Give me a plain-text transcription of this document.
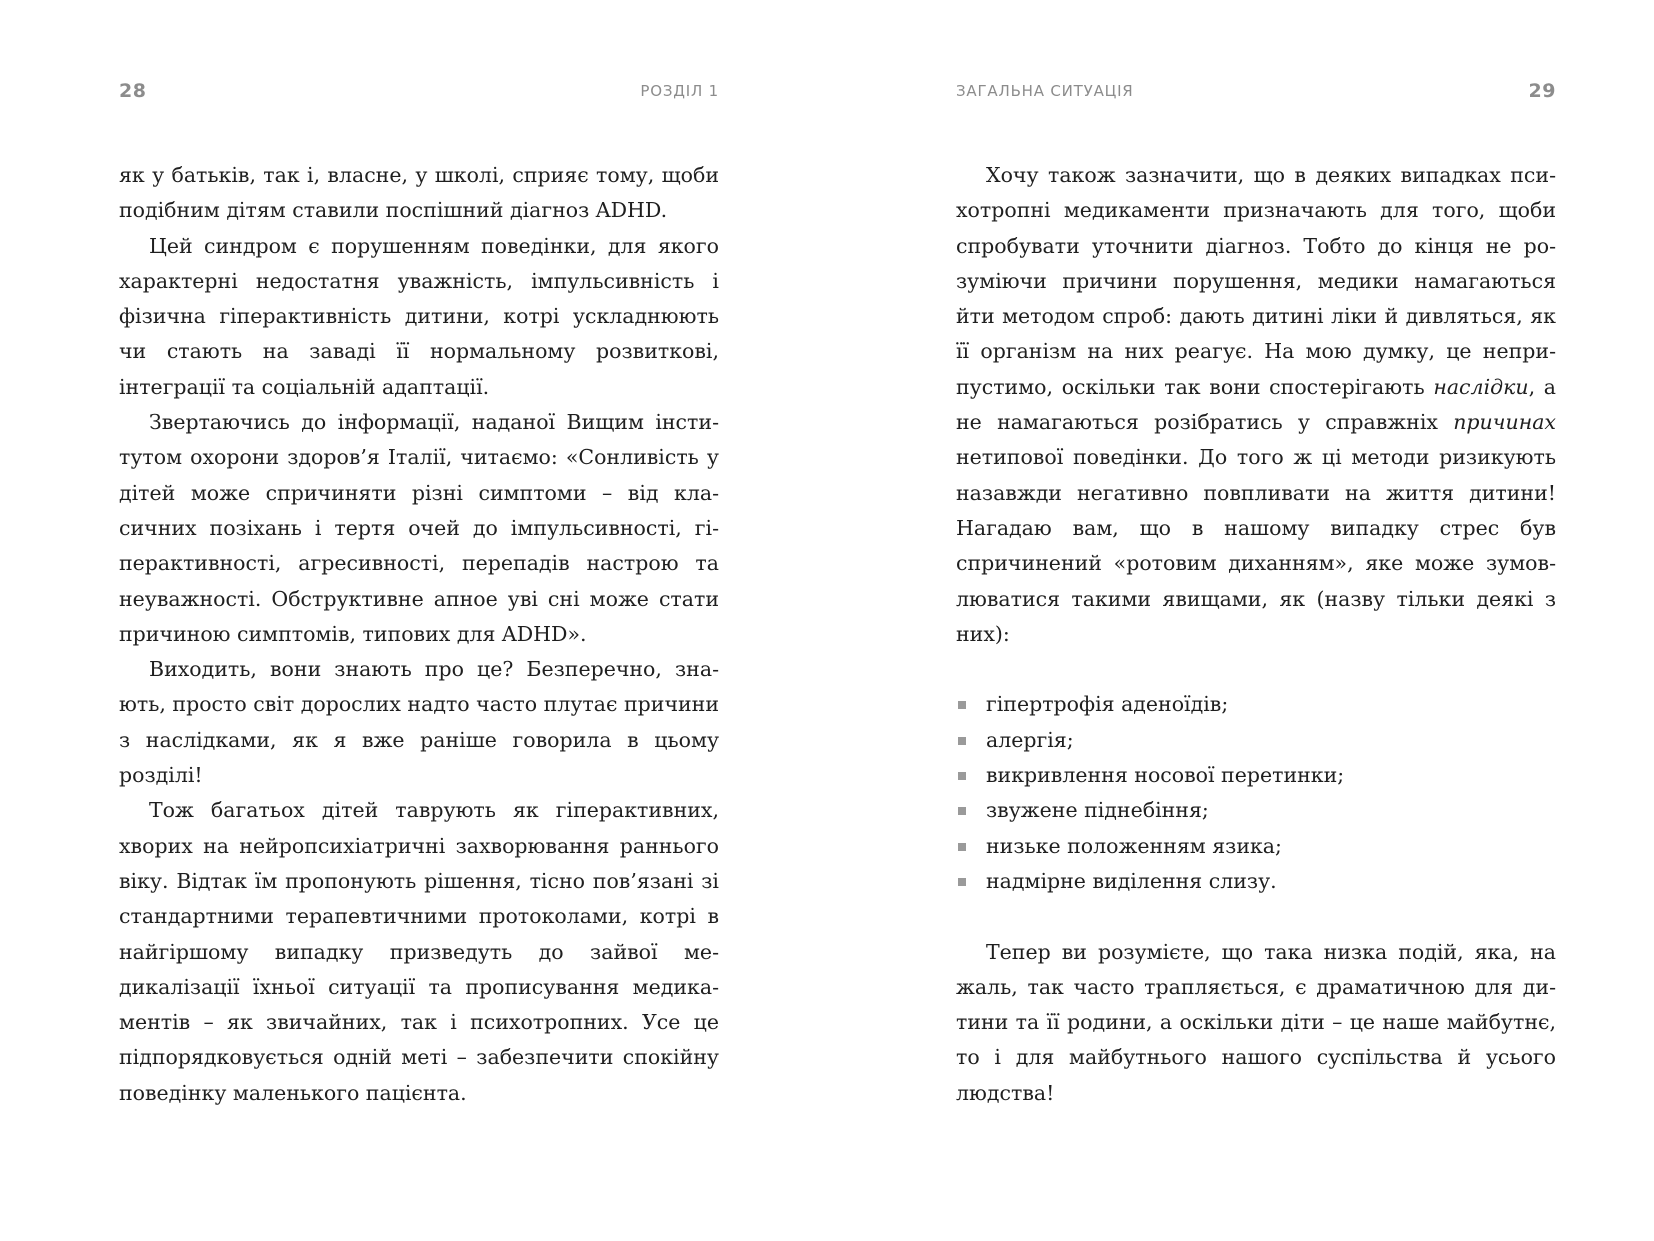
28	РОЗДІЛ 1

як у батьків, так і, власне, у школі, сприяє тому, щоби подібним дітям ставили поспішний діагноз ADHD.

Цей синдром є порушенням поведінки, для якого характерні недостатня уважність, імпульсивність і фізична гіперактивність дитини, котрі ускладнюють чи стають на заваді її нормальному розвиткові, інтеграції та соціальній адаптації.

Звертаючись до інформації, наданої Вищим інститутом охорони здоров’я Італії, читаємо: «Сонливість у дітей може спричиняти різні симптоми – від класичних позіхань і тертя очей до імпульсивності, гіперактивності, агресивності, перепадів настрою та неуважності. Обструктивне апное уві сні може стати причиною симптомів, типових для ADHD».

Виходить, вони знають про це? Безперечно, знають, просто світ дорослих надто часто плутає причини з наслідками, як я вже раніше говорила в цьому розділі!

Тож багатьох дітей таврують як гіперактивних, хворих на нейропсихіатричні захворювання раннього віку. Відтак їм пропонують рішення, тісно пов’язані зі стандартними терапевтичними протоколами, котрі в найгіршому випадку призведуть до зайвої медикалізації їхньої ситуації та прописування медикаментів – як звичайних, так і психотропних. Усе це підпорядковується одній меті – забезпечити спокійну поведінку маленького пацієнта.

ЗАГАЛЬНА СИТУАЦІЯ	29

Хочу також зазначити, що в деяких випадках психотропні медикаменти призначають для того, щоби спробувати уточнити діагноз. Тобто до кінця не розуміючи причини порушення, медики намагаються йти методом спроб: дають дитині ліки й дивляться, як її організм на них реагує. На мою думку, це неприпустимо, оскільки так вони спостерігають наслідки, а не намагаються розібратись у справжніх причинах нетипової поведінки. До того ж ці методи ризикують назавжди негативно повпливати на життя дитини! Нагадаю вам, що в нашому випадку стрес був спричинений «ротовим диханням», яке може зумовлюватися такими явищами, як (назву тільки деякі з них):

гіпертрофія аденоїдів;
алергія;
викривлення носової перетинки;
звужене піднебіння;
низьке положенням язика;
надмірне виділення слизу.

Тепер ви розумієте, що така низка подій, яка, на жаль, так часто трапляється, є драматичною для дитини та її родини, а оскільки діти – це наше майбутнє, то і для майбутнього нашого суспільства й усього людства!
